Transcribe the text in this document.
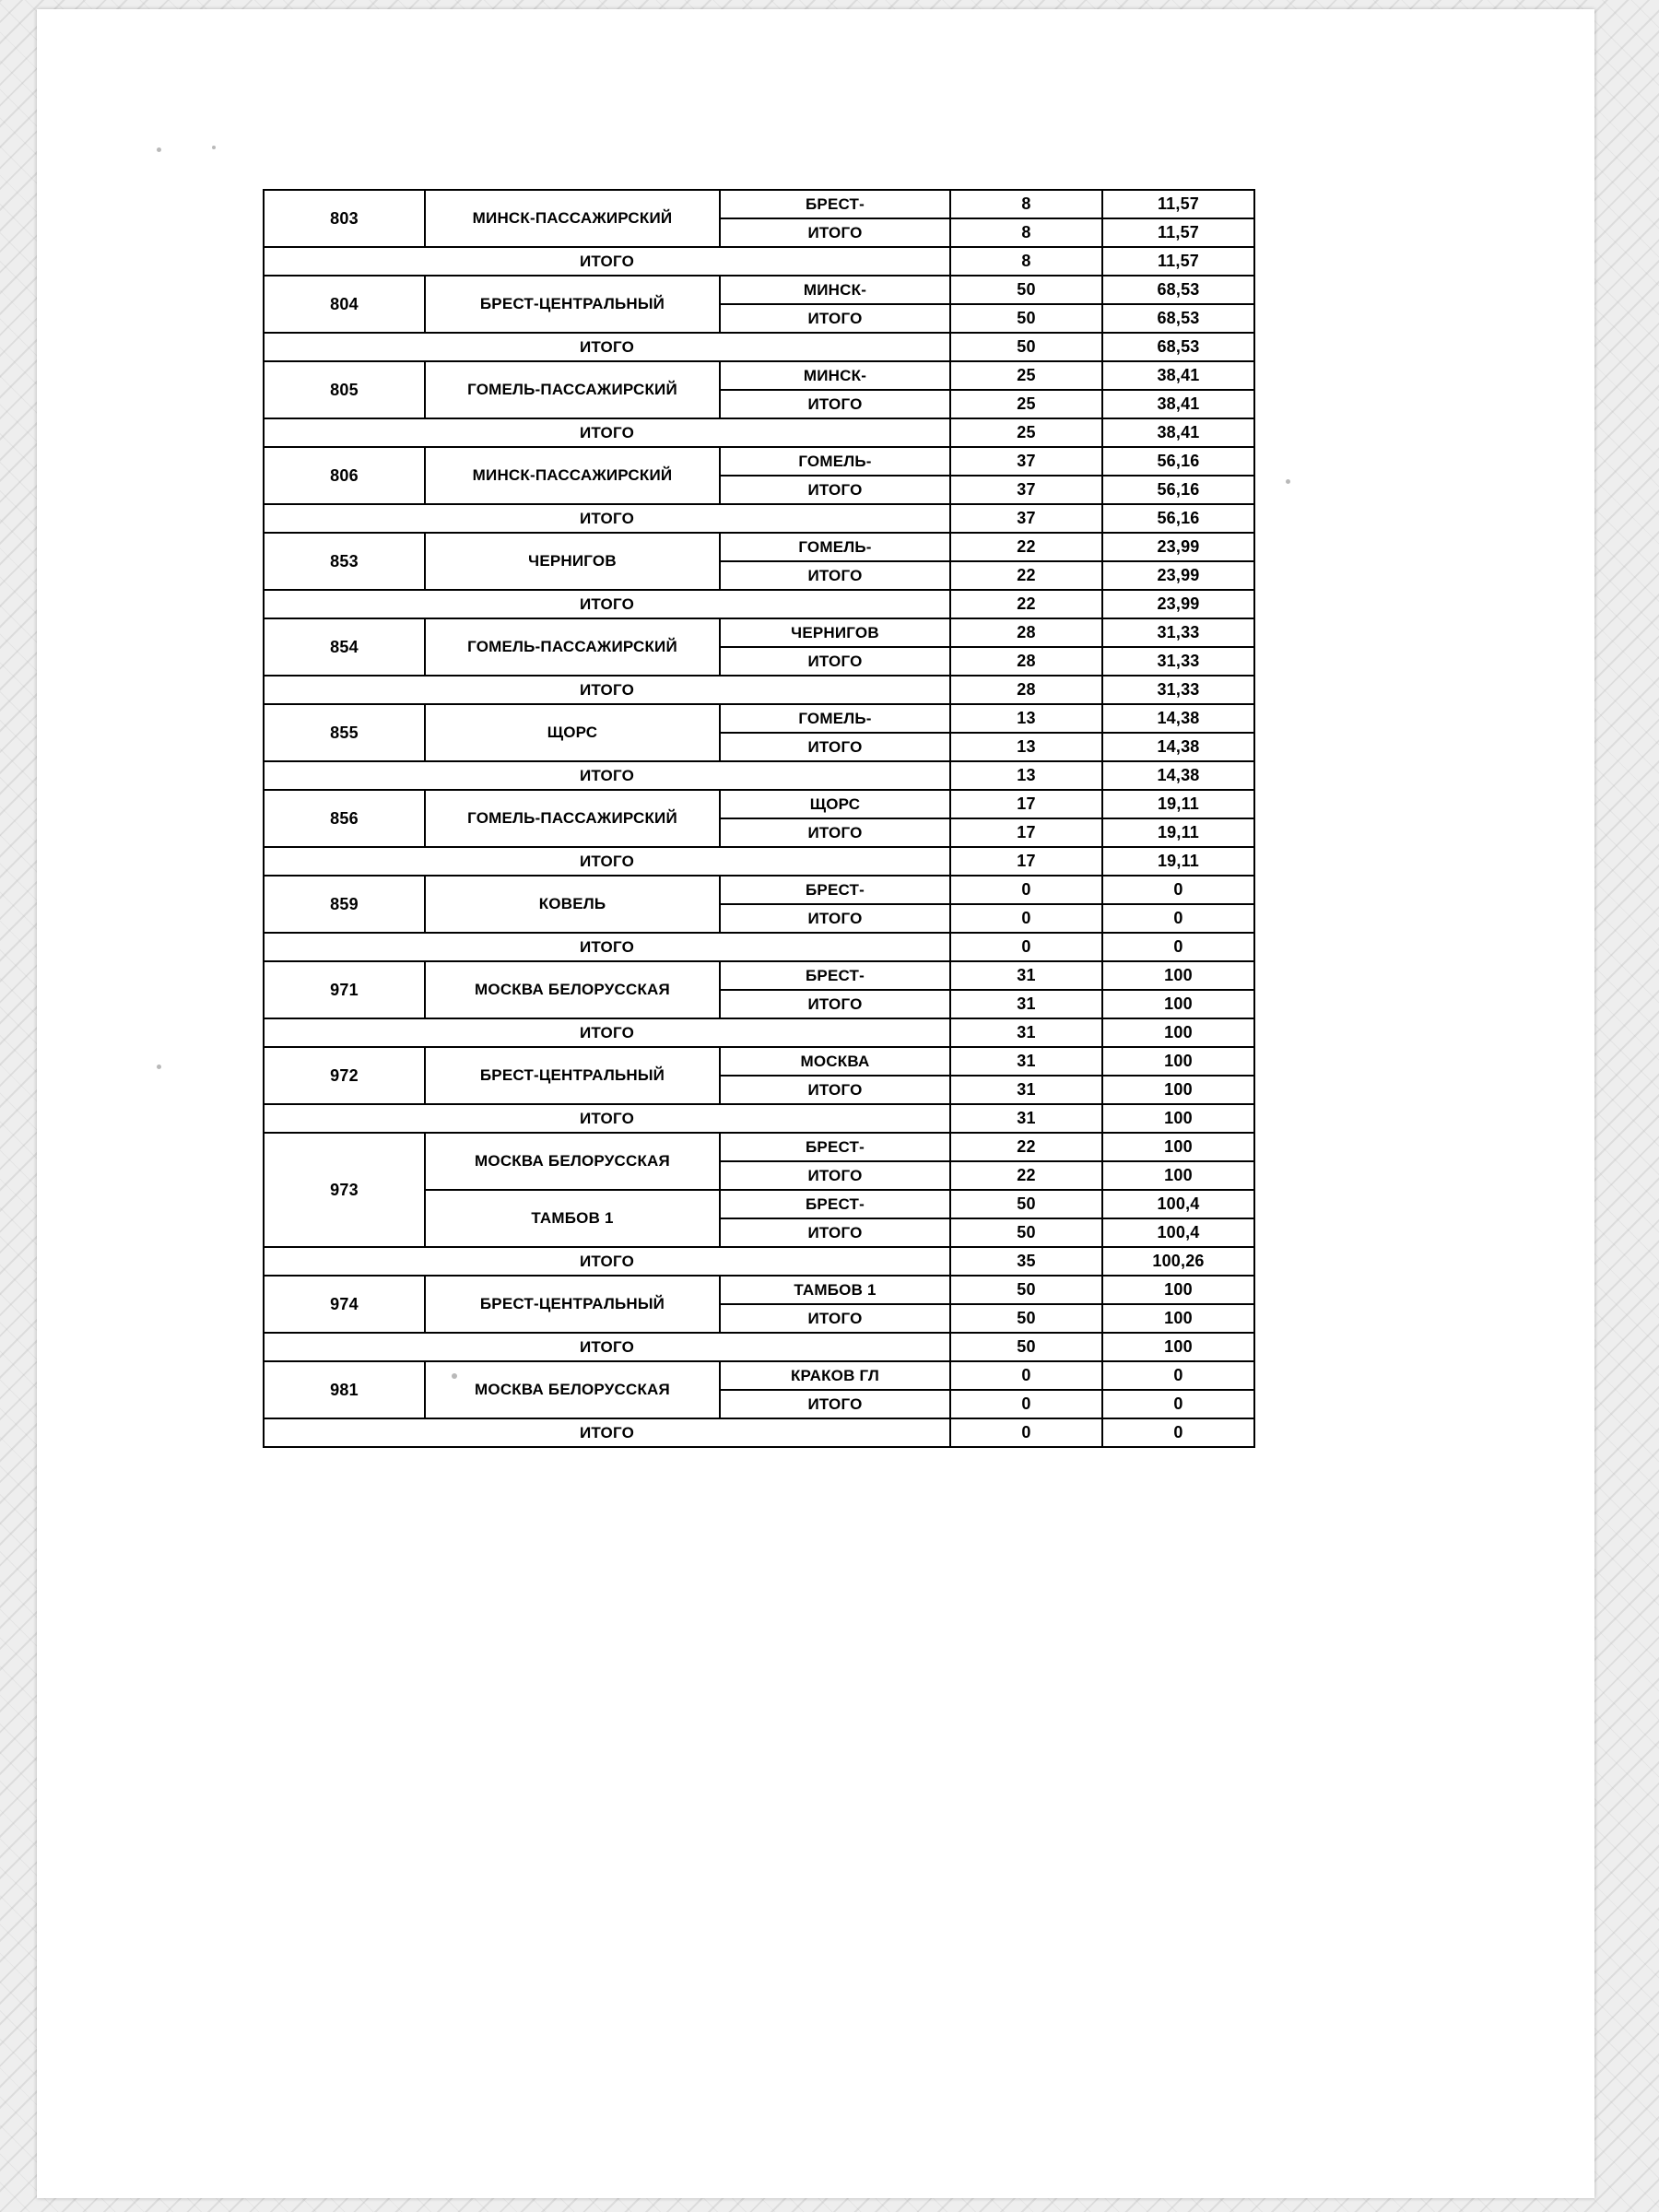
803	МИНСК-ПАССАЖИРСКИЙ	БРЕСТ-	8	11,57
		ИТОГО	8	11,57
ИТОГО			8	11,57
804	БРЕСТ-ЦЕНТРАЛЬНЫЙ	МИНСК-	50	68,53
		ИТОГО	50	68,53
ИТОГО			50	68,53
805	ГОМЕЛЬ-ПАССАЖИРСКИЙ	МИНСК-	25	38,41
		ИТОГО	25	38,41
ИТОГО			25	38,41
806	МИНСК-ПАССАЖИРСКИЙ	ГОМЕЛЬ-	37	56,16
		ИТОГО	37	56,16
ИТОГО			37	56,16
853	ЧЕРНИГОВ	ГОМЕЛЬ-	22	23,99
		ИТОГО	22	23,99
ИТОГО			22	23,99
854	ГОМЕЛЬ-ПАССАЖИРСКИЙ	ЧЕРНИГОВ	28	31,33
		ИТОГО	28	31,33
ИТОГО			28	31,33
855	ЩОРС	ГОМЕЛЬ-	13	14,38
		ИТОГО	13	14,38
ИТОГО			13	14,38
856	ГОМЕЛЬ-ПАССАЖИРСКИЙ	ЩОРС	17	19,11
		ИТОГО	17	19,11
ИТОГО			17	19,11
859	КОВЕЛЬ	БРЕСТ-	0	0
		ИТОГО	0	0
ИТОГО			0	0
971	МОСКВА БЕЛОРУССКАЯ	БРЕСТ-	31	100
		ИТОГО	31	100
ИТОГО			31	100
972	БРЕСТ-ЦЕНТРАЛЬНЫЙ	МОСКВА	31	100
		ИТОГО	31	100
ИТОГО			31	100
973	МОСКВА БЕЛОРУССКАЯ	БРЕСТ-	22	100
		ИТОГО	22	100
	ТАМБОВ 1	БРЕСТ-	50	100,4
		ИТОГО	50	100,4
ИТОГО			35	100,26
974	БРЕСТ-ЦЕНТРАЛЬНЫЙ	ТАМБОВ 1	50	100
		ИТОГО	50	100
ИТОГО			50	100
981	МОСКВА БЕЛОРУССКАЯ	КРАКОВ ГЛ	0	0
		ИТОГО	0	0
ИТОГО			0	0
